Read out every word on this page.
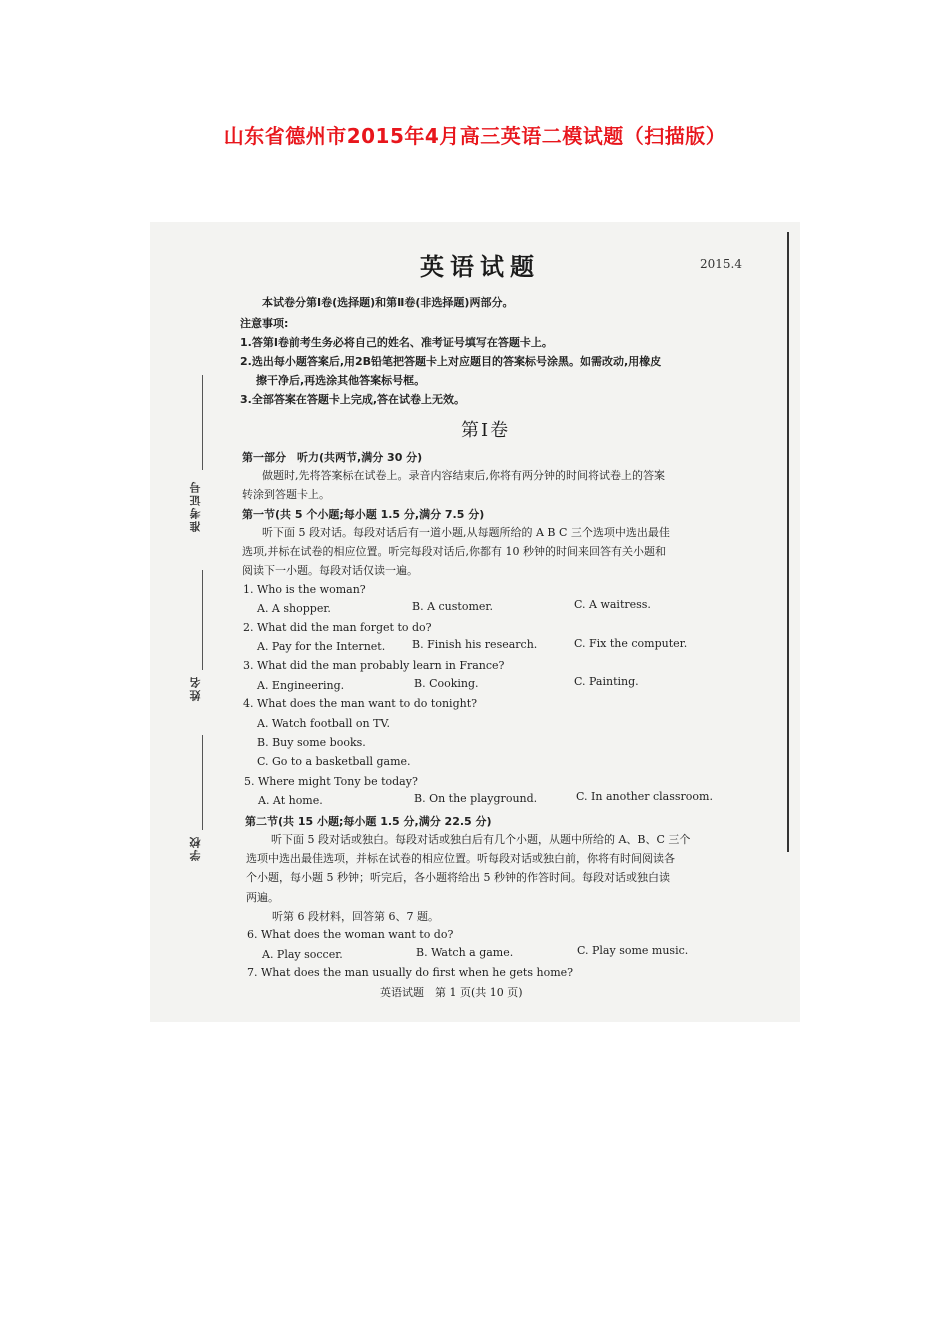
山东省德州市2015年4月高三英语二模试题（扫描版）
准考证号
姓名
学校
英语试题	2015.4
本试卷分第Ⅰ卷(选择题)和第Ⅱ卷(非选择题)两部分。
注意事项:
1.答第Ⅰ卷前考生务必将自己的姓名、准考证号填写在答题卡上。
2.选出每小题答案后,用2B铅笔把答题卡上对应题目的答案标号涂黑。如需改动,用橡皮
擦干净后,再选涂其他答案标号框。
3.全部答案在答题卡上完成,答在试卷上无效。
第Ⅰ卷
第一部分　听力(共两节,满分 30 分)
做题时,先将答案标在试卷上。录音内容结束后,你将有两分钟的时间将试卷上的答案
转涂到答题卡上。
第一节(共 5 个小题;每小题 1.5 分,满分 7.5 分)
听下面 5 段对话。每段对话后有一道小题,从每题所给的 A B C 三个选项中选出最佳
选项,并标在试卷的相应位置。听完每段对话后,你都有 10 秒钟的时间来回答有关小题和
阅读下一小题。每段对话仅读一遍。
1. Who is the woman?
A. A shopper.	B. A customer.	C. A waitress.
2. What did the man forget to do?
A. Pay for the Internet. B. Finish his research.	C. Fix the computer.
3. What did the man probably learn in France?
A. Engineering.	B. Cooking.	C. Painting.
4. What does the man want to do tonight?
A. Watch football on TV.
B. Buy some books.
C. Go to a basketball game.
5. Where might Tony be today?
A. At home.	B. On the playground.	C. In another classroom.
第二节(共 15 小题;每小题 1.5 分,满分 22.5 分)
听下面 5 段对话或独白。每段对话或独白后有几个小题，从题中所给的 A、B、C 三个
选项中选出最佳选项，并标在试卷的相应位置。听每段对话或独白前，你将有时间阅读各
个小题，每小题 5 秒钟；听完后，各小题将给出 5 秒钟的作答时间。每段对话或独白读
两遍。
听第 6 段材料，回答第 6、7 题。
6. What does the woman want to do?
A. Play soccer.	B. Watch a game.	C. Play some music.
7. What does the man usually do first when he gets home?
英语试题　第 1 页(共 10 页)
